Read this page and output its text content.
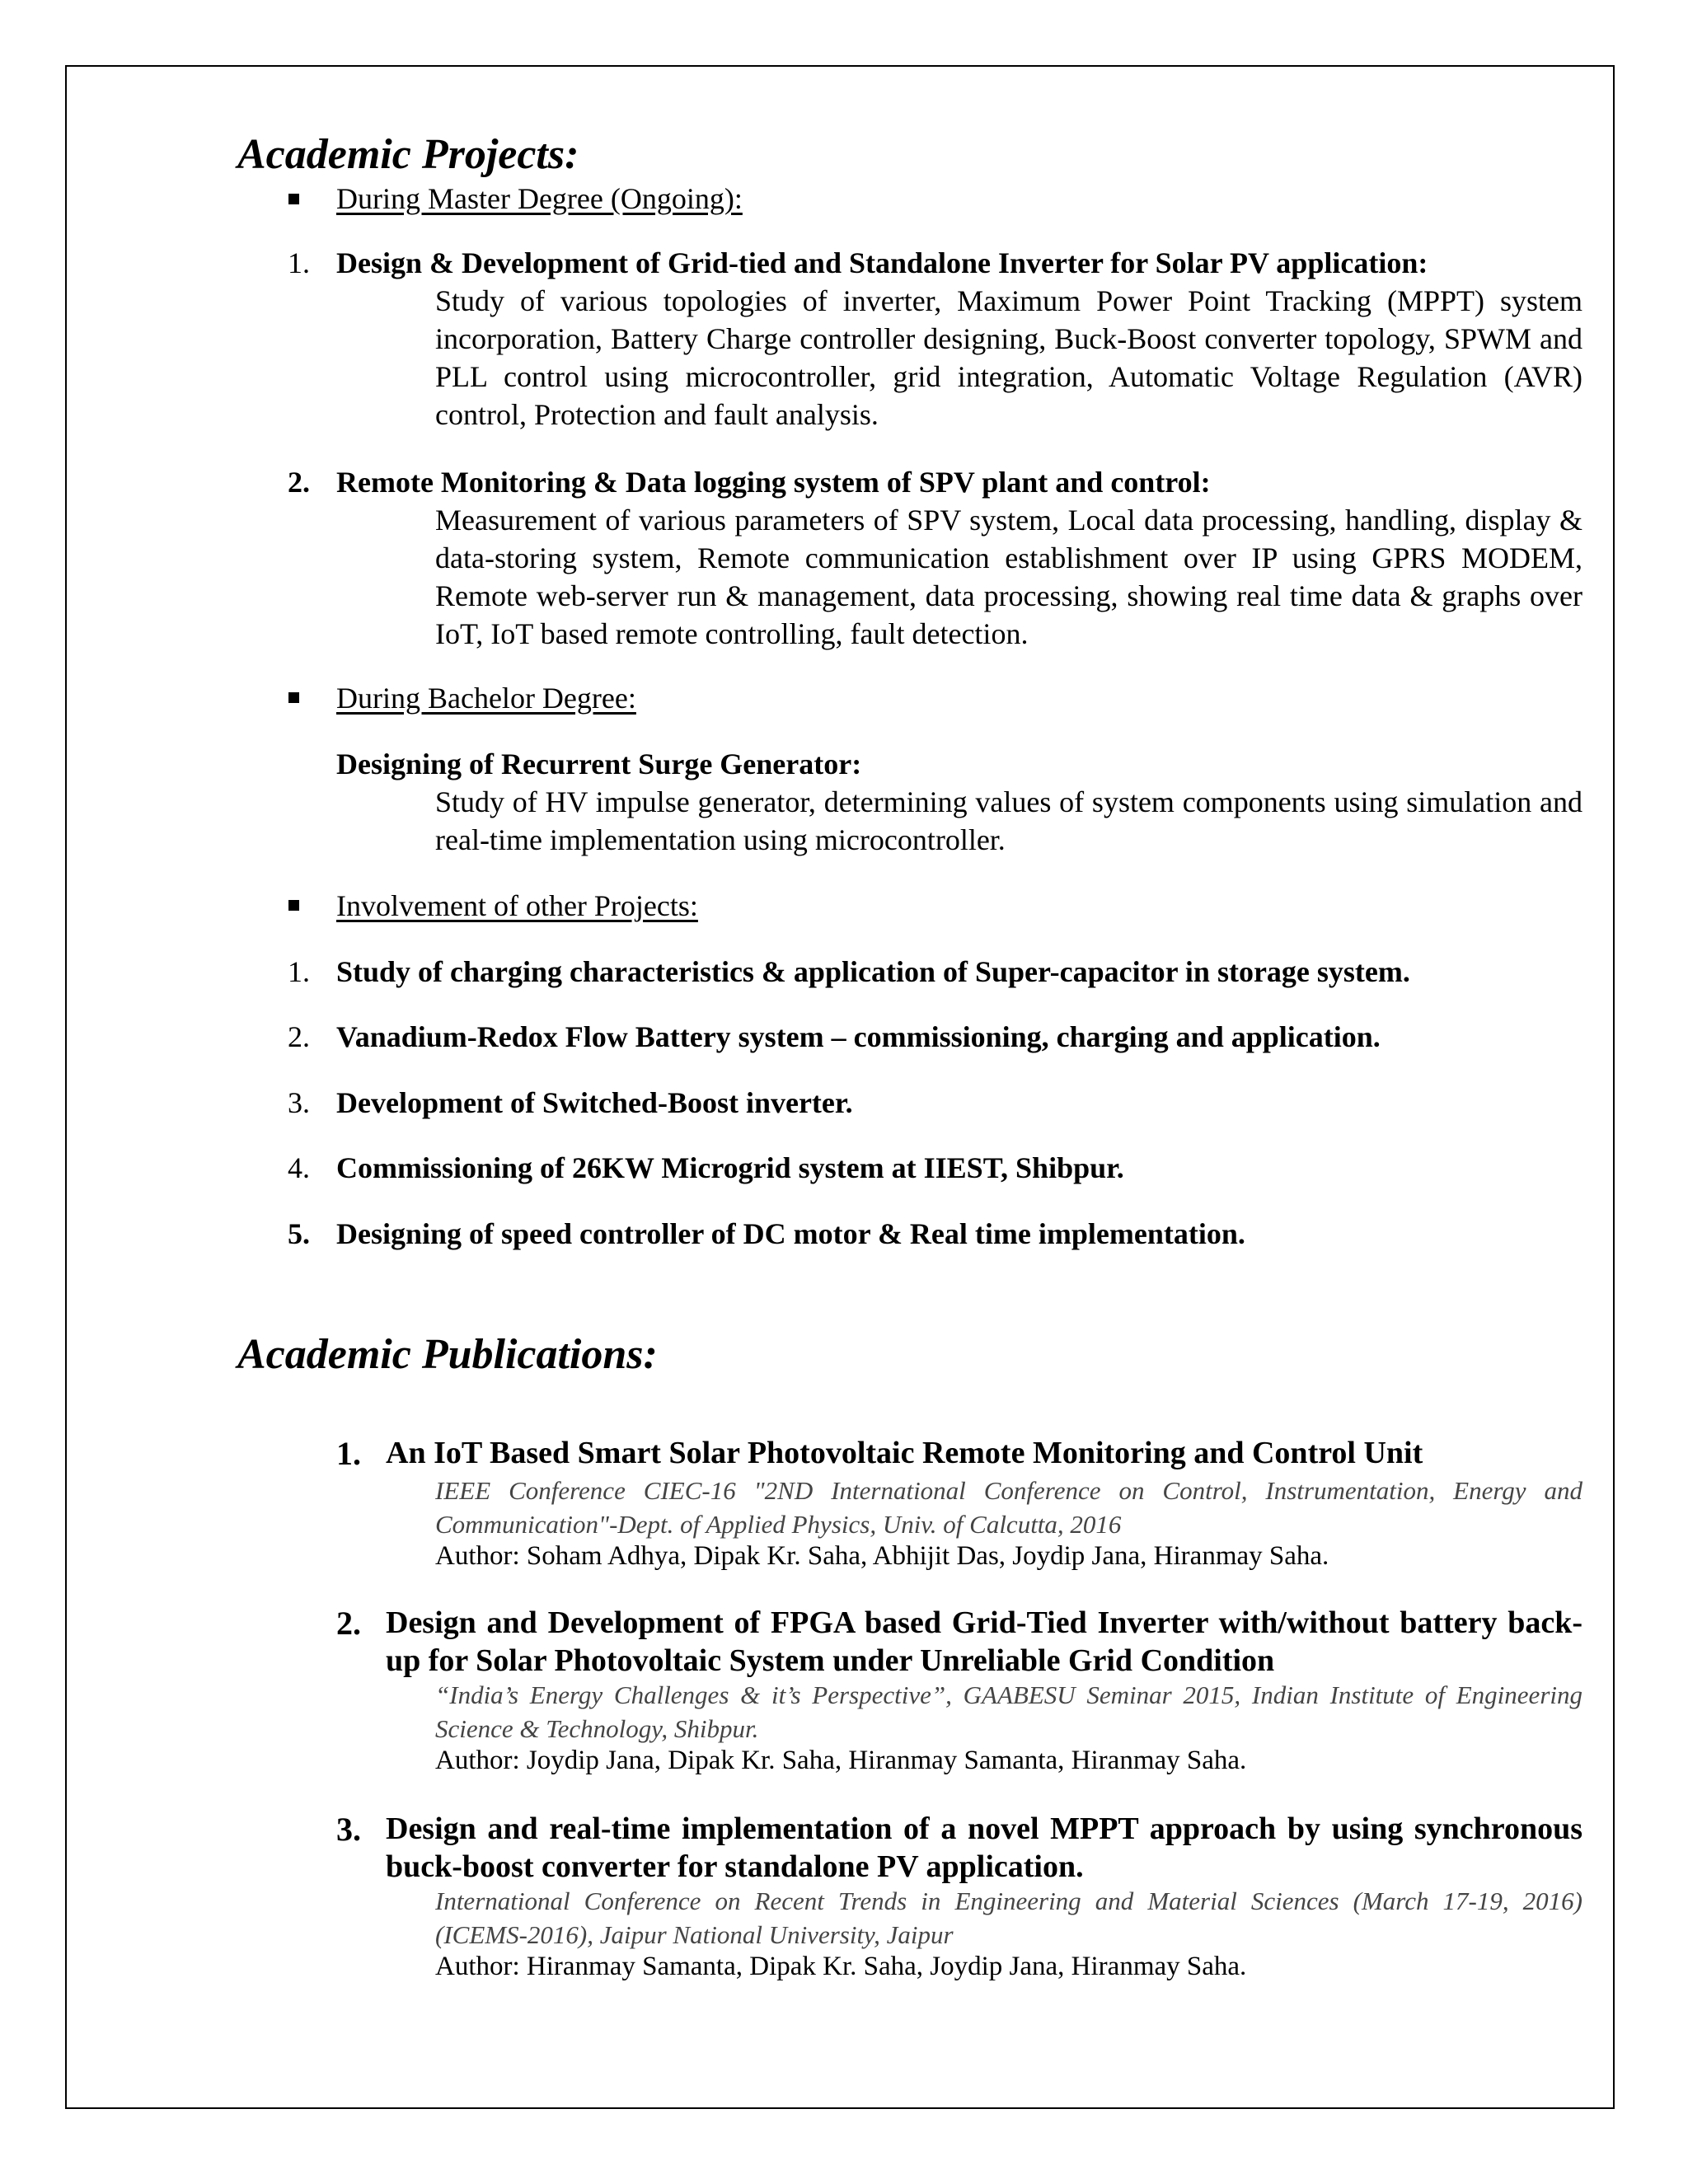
Academic Projects:
During Master Degree (Ongoing):
1. Design & Development of Grid-tied and Standalone Inverter for Solar PV application:
Study of various topologies of inverter, Maximum Power Point Tracking (MPPT) system incorporation, Battery Charge controller designing, Buck-Boost converter topology, SPWM and PLL control using microcontroller, grid integration, Automatic Voltage Regulation (AVR) control, Protection and fault analysis.
2. Remote Monitoring & Data logging system of SPV plant and control:
Measurement of various parameters of SPV system, Local data processing, handling, display & data-storing system, Remote communication establishment over IP using GPRS MODEM, Remote web-server run & management, data processing, showing real time data & graphs over IoT, IoT based remote controlling, fault detection.
During Bachelor Degree:
Designing of Recurrent Surge Generator:
Study of HV impulse generator, determining values of system components using simulation and real-time implementation using microcontroller.
Involvement of other Projects:
1. Study of charging characteristics & application of Super-capacitor in storage system.
2. Vanadium-Redox Flow Battery system – commissioning, charging and application.
3. Development of Switched-Boost inverter.
4. Commissioning of 26KW Microgrid system at IIEST, Shibpur.
5. Designing of speed controller of DC motor & Real time implementation.
Academic Publications:
1. An IoT Based Smart Solar Photovoltaic Remote Monitoring and Control Unit
IEEE Conference CIEC-16 "2ND International Conference on Control, Instrumentation, Energy and Communication"-Dept. of Applied Physics, Univ. of Calcutta, 2016
Author: Soham Adhya, Dipak Kr. Saha, Abhijit Das, Joydip Jana, Hiranmay Saha.
2. Design and Development of FPGA based Grid-Tied Inverter with/without battery back-up for Solar Photovoltaic System under Unreliable Grid Condition
“India’s Energy Challenges & it’s Perspective”, GAABESU Seminar 2015, Indian Institute of Engineering Science & Technology, Shibpur.
Author: Joydip Jana, Dipak Kr. Saha, Hiranmay Samanta, Hiranmay Saha.
3. Design and real-time implementation of a novel MPPT approach by using synchronous buck-boost converter for standalone PV application.
International Conference on Recent Trends in Engineering and Material Sciences (March 17-19, 2016) (ICEMS-2016), Jaipur National University, Jaipur
Author: Hiranmay Samanta, Dipak Kr. Saha, Joydip Jana, Hiranmay Saha.
